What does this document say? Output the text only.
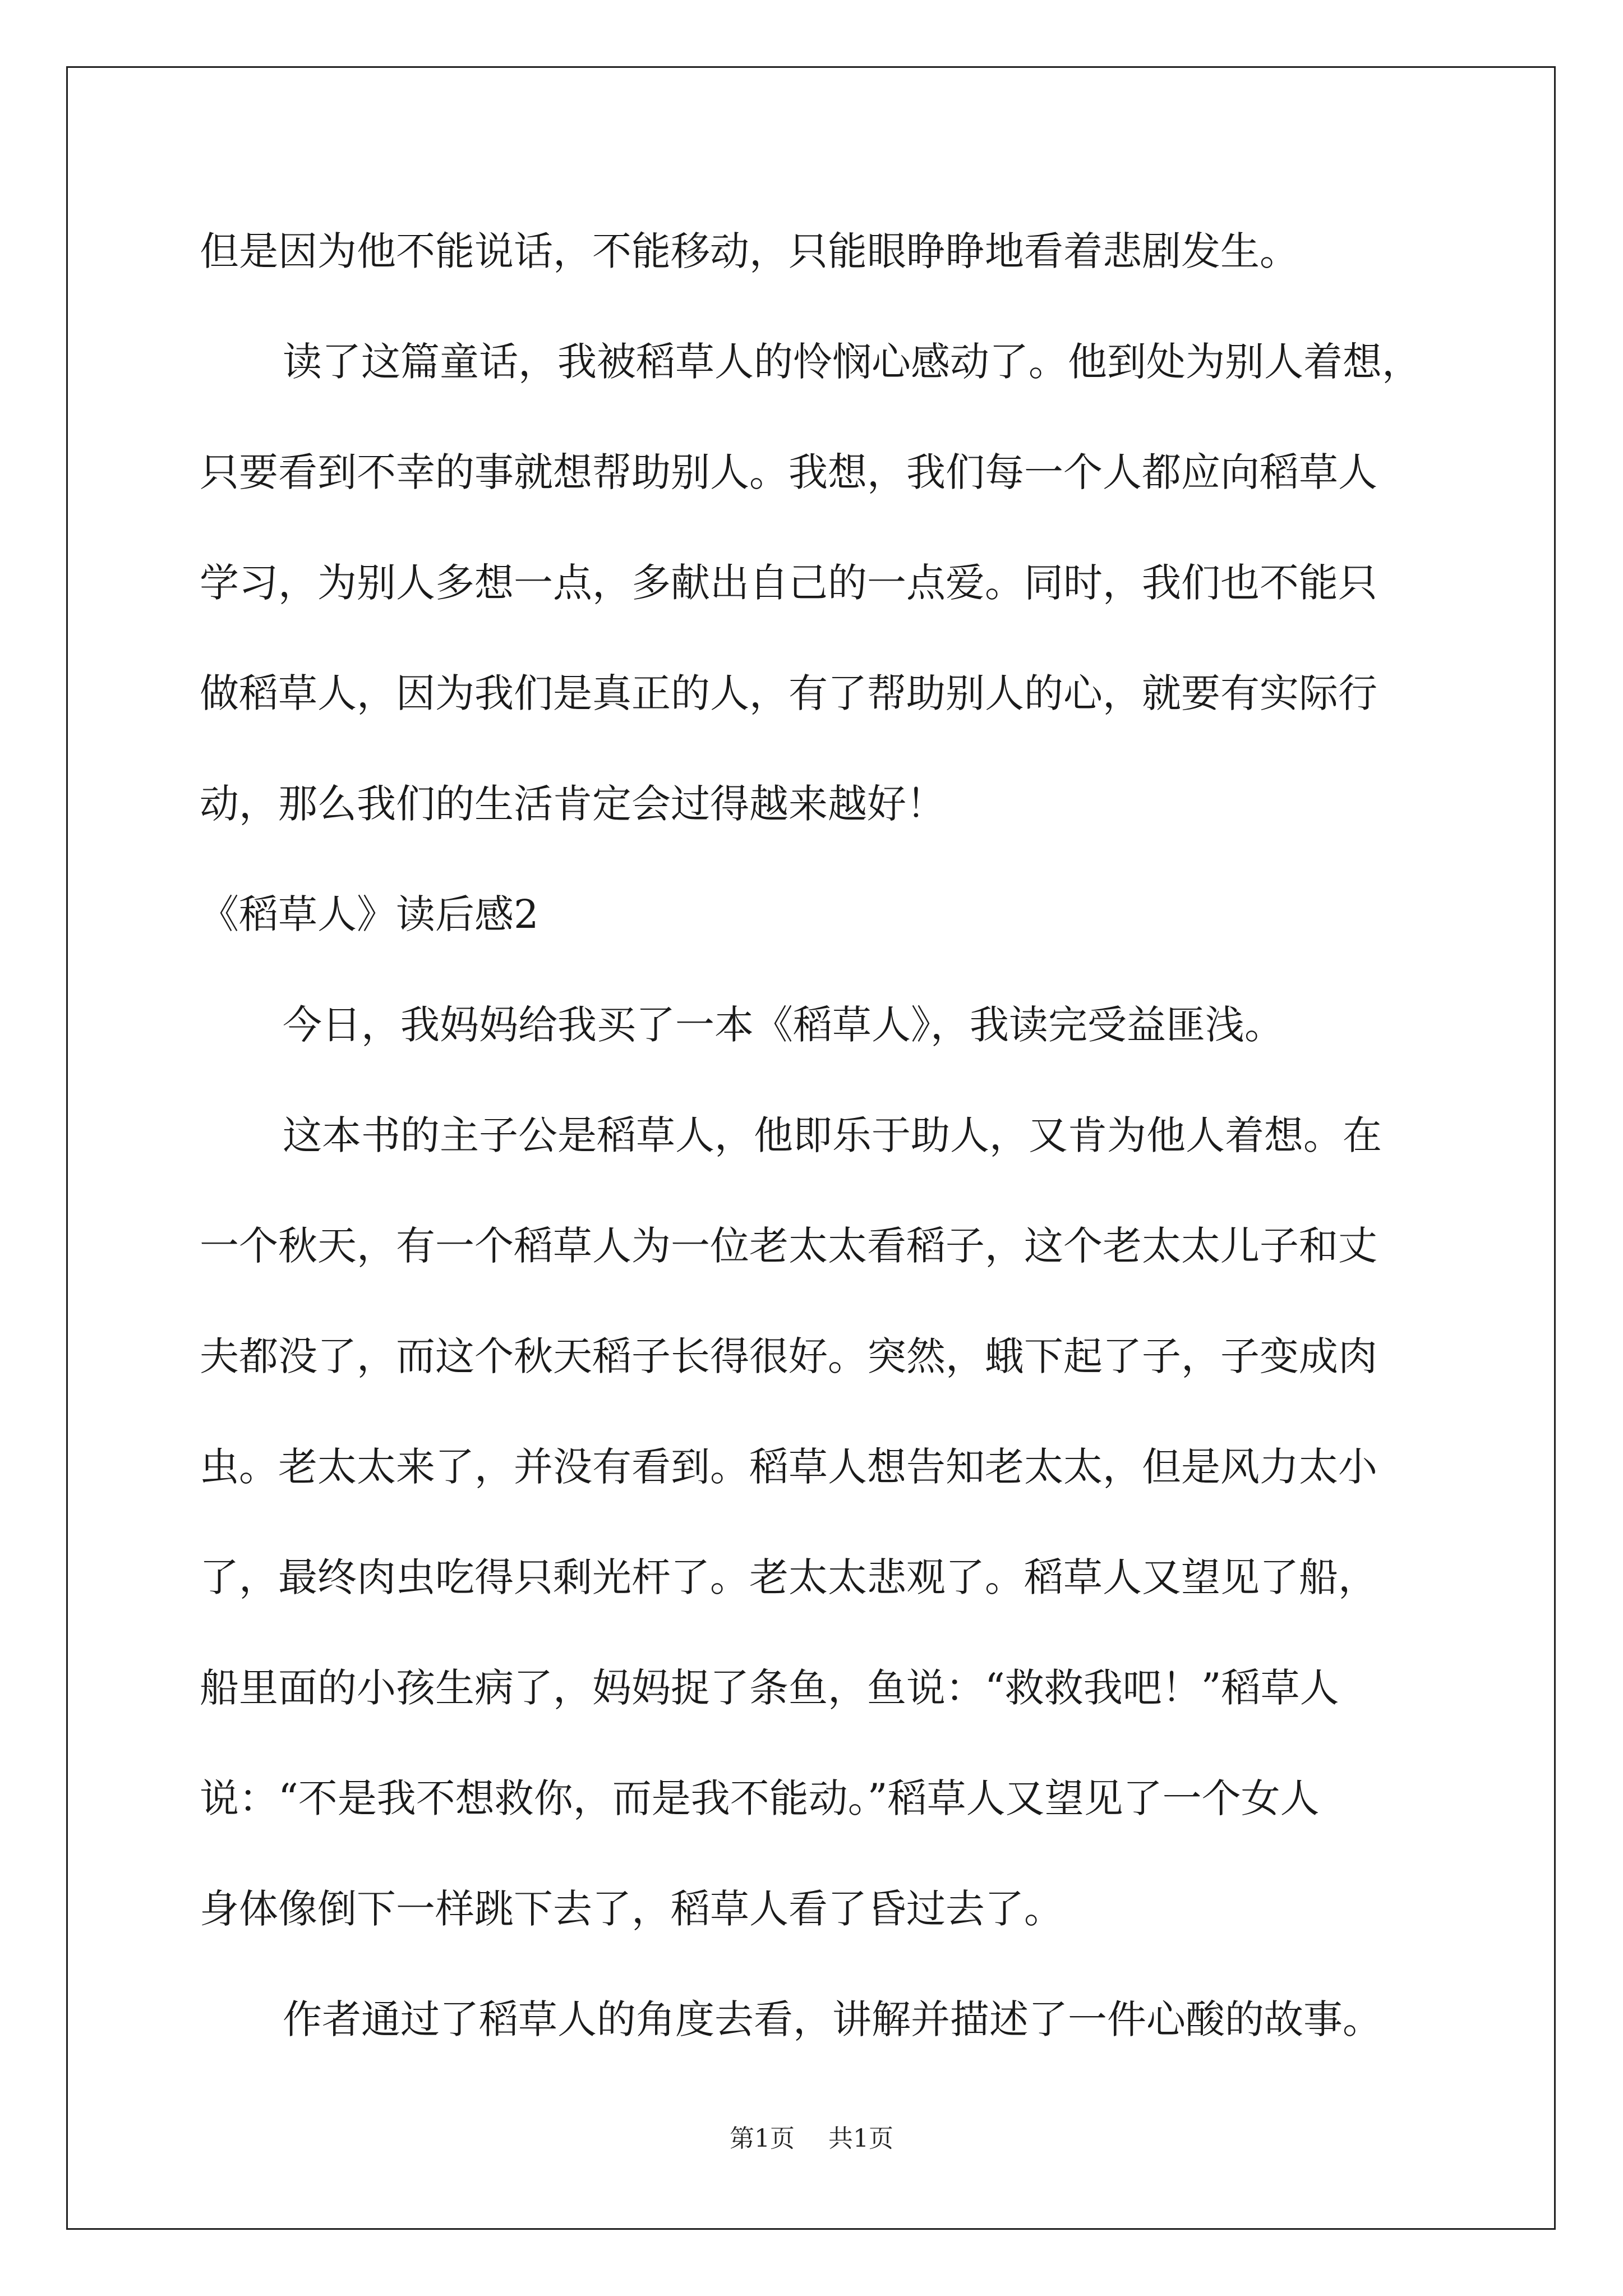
但是因为他不能说话，不能移动，只能眼睁睁地看着悲剧发生。
读了这篇童话，我被稻草人的怜悯心感动了。他到处为别人着想，
只要看到不幸的事就想帮助别人。我想，我们每一个人都应向稻草人
学习，为别人多想一点，多献出自己的一点爱。同时，我们也不能只
做稻草人，因为我们是真正的人，有了帮助别人的心，就要有实际行
动，那么我们的生活肯定会过得越来越好！
《稻草人》读后感2
今日，我妈妈给我买了一本《稻草人》，我读完受益匪浅。
这本书的主子公是稻草人，他即乐于助人，又肯为他人着想。在
一个秋天，有一个稻草人为一位老太太看稻子，这个老太太儿子和丈
夫都没了，而这个秋天稻子长得很好。突然，蛾下起了子，子变成肉
虫。老太太来了，并没有看到。稻草人想告知老太太，但是风力太小
了，最终肉虫吃得只剩光杆了。老太太悲观了。稻草人又望见了船，
船里面的小孩生病了，妈妈捉了条鱼，鱼说：“救救我吧！”稻草人
说：“不是我不想救你，而是我不能动。”稻草人又望见了一个女人
身体像倒下一样跳下去了，稻草人看了昏过去了。
作者通过了稻草人的角度去看，讲解并描述了一件心酸的故事。
第1页 共1页
